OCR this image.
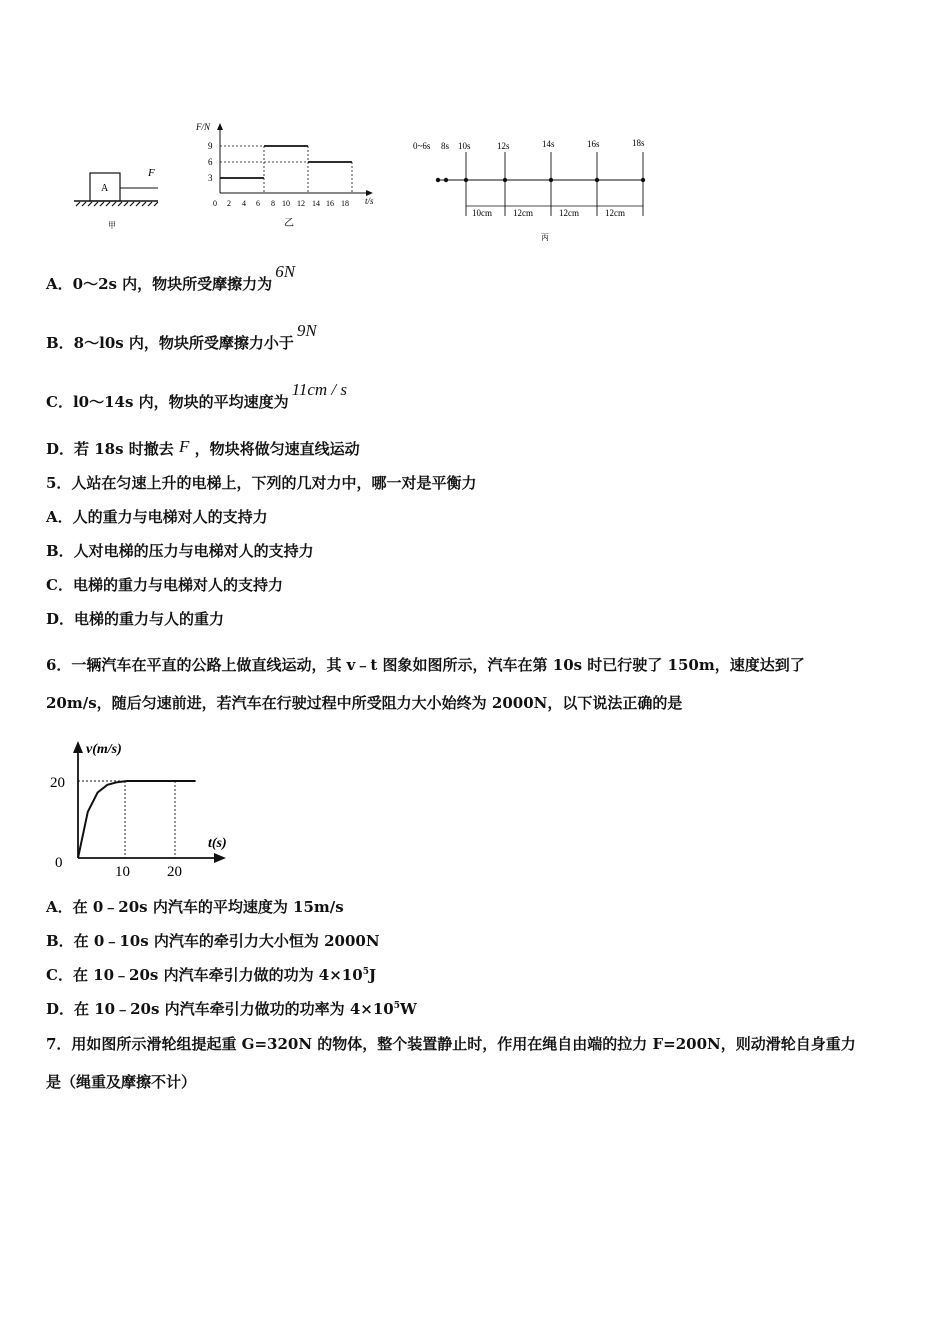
A
F
甲
F/N
3
6
9
0 2 4 6 8 10 12 14 16 18 t/s
乙
0~6s 8s 10s	12s	14s	16s	18s
10cm 12cm	12cm	12cm
丙
A．0～2s 内，物块所受摩擦力为6N
B．8～l0s 内，物块所受摩擦力小于9N
C．l0～14s 内，物块的平均速度为11cm / s
D．若 18s 时撤去 F ，物块将做匀速直线运动
5．人站在匀速上升的电梯上，下列的几对力中，哪一对是平衡力
A．人的重力与电梯对人的支持力
B．人对电梯的压力与电梯对人的支持力
C．电梯的重力与电梯对人的支持力
D．电梯的重力与人的重力
6．一辆汽车在平直的公路上做直线运动，其 v﹣t 图象如图所示，汽车在第 10s 时已行驶了 150m，速度达到了
20m/s，随后匀速前进，若汽车在行驶过程中所受阻力大小始终为 2000N，以下说法正确的是
v(m/s)
t(s)
20
0
10 20
A．在 0﹣20s 内汽车的平均速度为 15m/s
B．在 0﹣10s 内汽车的牵引力大小恒为 2000N
C．在 10﹣20s 内汽车牵引力做的功为 $4\times 10^5J$
D．在 10﹣20s 内汽车牵引力做功的功率为 $4\times 10^5W$
7．用如图所示滑轮组提起重 G=320N 的物体，整个装置静止时，作用在绳自由端的拉力 F=200N，则动滑轮自身重力
是（绳重及摩擦不计）
